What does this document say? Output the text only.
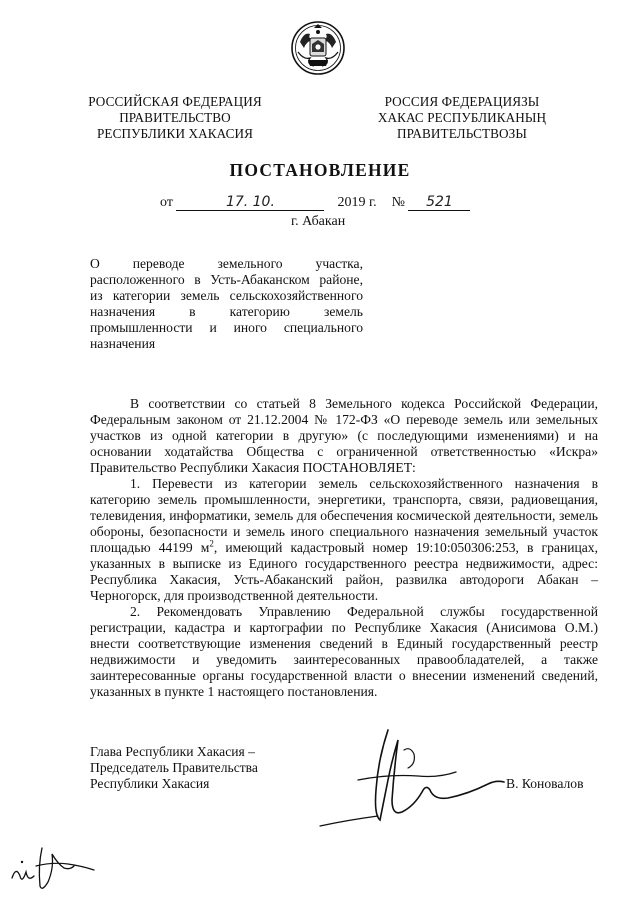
РОССИЙСКАЯ ФЕДЕРАЦИЯ
ПРАВИТЕЛЬСТВО
РЕСПУБЛИКИ ХАКАСИЯ
РОССИЯ ФЕДЕРАЦИЯЗЫ
ХАКАС РЕСПУБЛИКАНЫҢ
ПРАВИТЕЛЬСТВОЗЫ
ПОСТАНОВЛЕНИЕ
от	17. 10.	2019 г. № 521
г. Абакан
О переводе земельного участка,
расположенного в Усть-Абаканском районе,
из категории земель сельскохозяйственного
назначения в категорию земель
промышленности и иного специального
назначения

В соответствии со статьей 8 Земельного кодекса Российской Федерации, Федеральным законом от 21.12.2004 № 172-ФЗ «О переводе земель или земельных участков из одной категории в другую» (с последующими изменениями) и на основании ходатайства Общества с ограниченной ответственностью «Искра» Правительство Республики Хакасия ПОСТАНОВЛЯЕТ:

1. Перевести из категории земель сельскохозяйственного назначения в категорию земель промышленности, энергетики, транспорта, связи, радиовещания, телевидения, информатики, земель для обеспечения космической деятельности, земель обороны, безопасности и земель иного специального назначения земельный участок площадью 44199 $м^2$, имеющий кадастровый номер 19:10:050306:253, в границах, указанных в выписке из Единого государственного реестра недвижимости, адрес: Республика Хакасия, Усть-Абаканский район, развилка автодороги Абакан – Черногорск, для производственной деятельности.

2. Рекомендовать Управлению Федеральной службы государственной регистрации, кадастра и картографии по Республике Хакасия (Анисимова О.М.) внести соответствующие изменения сведений в Единый государственный реестр недвижимости и уведомить заинтересованных правообладателей, а также заинтересованные органы государственной власти о внесении изменений сведений, указанных в пункте 1 настоящего постановления.

Глава Республики Хакасия –
Председатель Правительства
Республики Хакасия	В. Коновалов
